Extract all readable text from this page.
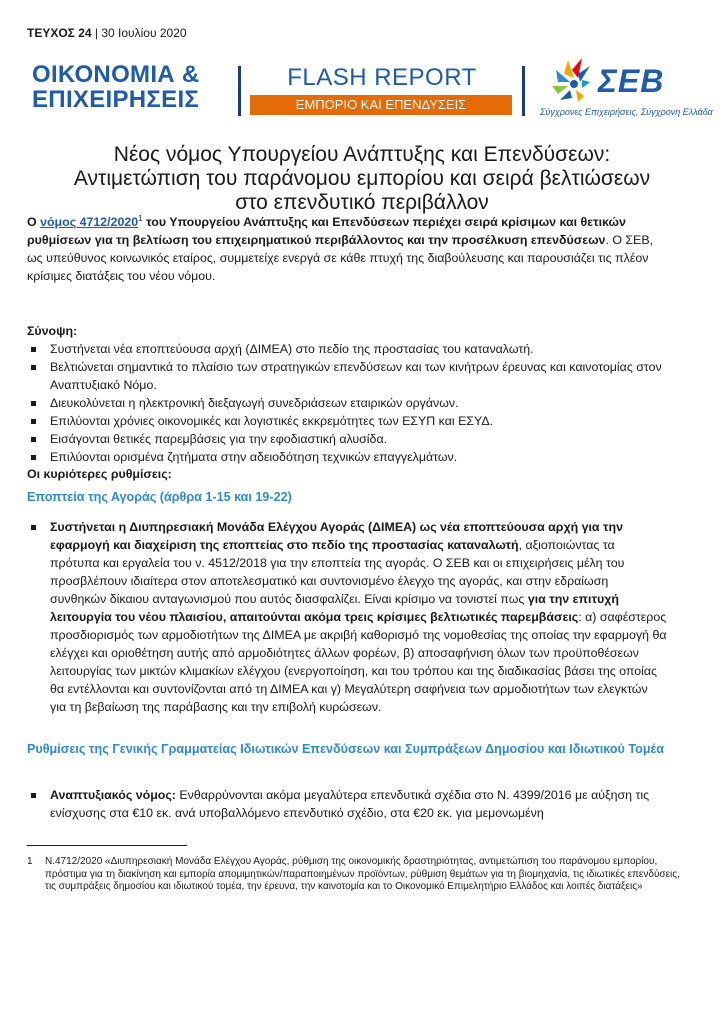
ΤΕΥΧΟΣ 24 | 30 Ιουλίου 2020
ΟΙΚΟΝΟΜΙΑ &
ΕΠΙΧΕΙΡΗΣΕΙΣ
FLASH REPORT
ΕΜΠΟΡΙΟ ΚΑΙ ΕΠΕΝΔΥΣΕΙΣ
ΣΕΒ
Σύγχρονες Επιχειρήσεις, Σύγχρονη Ελλάδα
Νέος νόμος Υπουργείου Ανάπτυξης και Επενδύσεων:
Αντιμετώπιση του παράνομου εμπορίου και σειρά βελτιώσεων
στο επενδυτικό περιβάλλον

Ο νόμος 4712/2020$^1$ του Υπουργείου Ανάπτυξης και Επενδύσεων περιέχει σειρά κρίσιμων και θετικών ρυθμίσεων για τη βελτίωση του επιχειρηματικού περιβάλλοντος και την προσέλκυση επενδύσεων. Ο ΣΕΒ, ως υπεύθυνος κοινωνικός εταίρος, συμμετείχε ενεργά σε κάθε πτυχή της διαβούλευσης και παρουσιάζει τις πλέον κρίσιμες διατάξεις του νέου νόμου.

Σύνοψη:
Συστήνεται νέα εποπτεύουσα αρχή (ΔΙΜΕΑ) στο πεδίο της προστασίας του καταναλωτή.
Βελτιώνεται σημαντικά το πλαίσιο των στρατηγικών επενδύσεων και των κινήτρων έρευνας και καινοτομίας στον Αναπτυξιακό Νόμο.
Διευκολύνεται η ηλεκτρονική διεξαγωγή συνεδριάσεων εταιρικών οργάνων.
Επιλύονται χρόνιες οικονομικές και λογιστικές εκκρεμότητες των ΕΣΥΠ και ΕΣΥΔ.
Εισάγονται θετικές παρεμβάσεις για την εφοδιαστική αλυσίδα.
Επιλύονται ορισμένα ζητήματα στην αδειοδότηση τεχνικών επαγγελμάτων.
Οι κυριότερες ρυθμίσεις:
Εποπτεία της Αγοράς (άρθρα 1-15 και 19-22)
Συστήνεται η Διυπηρεσιακή Μονάδα Ελέγχου Αγοράς (ΔΙΜΕΑ) ως νέα εποπτεύουσα αρχή για την εφαρμογή και διαχείριση της εποπτείας στο πεδίο της προστασίας καταναλωτή, αξιοποιώντας τα πρότυπα και εργαλεία του ν. 4512/2018 για την εποπτεία της αγοράς. Ο ΣΕΒ και οι επιχειρήσεις μέλη του προσβλέπουν ιδιαίτερα στον αποτελεσματικό και συντονισμένο έλεγχο της αγοράς, και στην εδραίωση συνθηκών δίκαιου ανταγωνισμού που αυτός διασφαλίζει. Είναι κρίσιμο να τονιστεί πως για την επιτυχή λειτουργία του νέου πλαισίου, απαιτούνται ακόμα τρεις κρίσιμες βελτιωτικές παρεμβάσεις: α) σαφέστερος προσδιορισμός των αρμοδιοτήτων της ΔΙΜΕΑ με ακριβή καθορισμό της νομοθεσίας της οποίας την εφαρμογή θα ελέγχει και οριοθέτηση αυτής από αρμοδιότητες άλλων φορέων, β) αποσαφήνιση όλων των προϋποθέσεων λειτουργίας των μικτών κλιμακίων ελέγχου (ενεργοποίηση, και του τρόπου και της διαδικασίας βάσει της οποίας θα εντέλλονται και συντονίζονται από τη ΔΙΜΕΑ και γ) Μεγαλύτερη σαφήνεια των αρμοδιοτήτων των ελεγκτών για τη βεβαίωση της παράβασης και την επιβολή κυρώσεων.
Ρυθμίσεις της Γενικής Γραμματείας Ιδιωτικών Επενδύσεων και Συμπράξεων Δημοσίου και Ιδιωτικού Τομέα
Αναπτυξιακός νόμος: Ενθαρρύνονται ακόμα μεγαλύτερα επενδυτικά σχέδια στο Ν. 4399/2016 με αύξηση τις ενίσχυσης στα €10 εκ. ανά υποβαλλόμενο επενδυτικό σχέδιο, στα €20 εκ. για μεμονωμένη
1 Ν.4712/2020 «Διυπηρεσιακή Μονάδα Ελέγχου Αγοράς, ρύθμιση της οικονομικής δραστηριότητας, αντιμετώπιση του παράνομου εμπορίου, πρόστιμα για τη διακίνηση και εμπορία απομιμητικών/παραποιημένων προϊόντων, ρύθμιση θεμάτων για τη βιομηχανία, τις ιδιωτικές επενδύσεις, τις συμπράξεις δημοσίου και ιδιωτικού τομέα, την έρευνα, την καινοτομία και το Οικονομικό Επιμελητήριο Ελλάδος και λοιπές διατάξεις»
